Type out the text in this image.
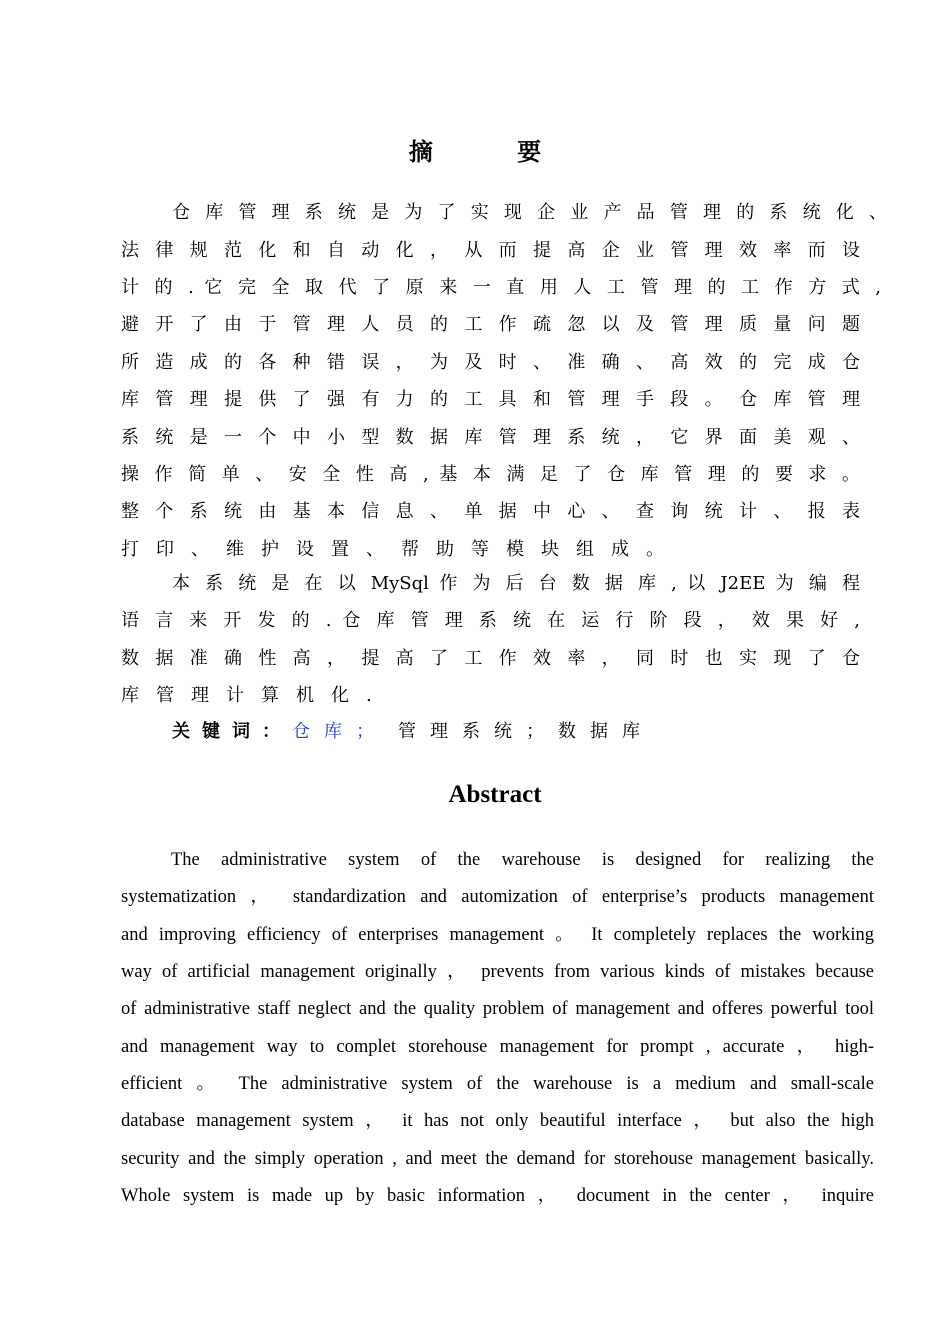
摘 要
仓 库 管 理 系 统 是 为 了 实 现 企 业 产 品 管 理 的 系 统 化 、
法 律 规 范 化 和 自 动 化 ， 从 而 提 高 企 业 管 理 效 率 而 设
计 的 . 它 完 全 取 代 了 原 来 一 直 用 人 工 管 理 的 工 作 方 式 ,
避 开 了 由 于 管 理 人 员 的 工 作 疏 忽 以 及 管 理 质 量 问 题
所 造 成 的 各 种 错 误 ， 为 及 时 、 准 确 、 高 效 的 完 成 仓
库 管 理 提 供 了 强 有 力 的 工 具 和 管 理 手 段 。 仓 库 管 理
系 统 是 一 个 中 小 型 数 据 库 管 理 系 统 ， 它 界 面 美 观 、
操 作 简 单 、 安 全 性 高 , 基 本 满 足 了 仓 库 管 理 的 要 求 。
整 个 系 统 由 基 本 信 息 、 单 据 中 心 、 查 询 统 计 、 报 表
打印、维护设置、帮助等模块组成。
本 系 统 是 在 以 MySql 作 为 后 台 数 据 库 , 以 J2EE 为 编 程
语 言 来 开 发 的 . 仓 库 管 理 系 统 在 运 行 阶 段 ， 效 果 好 ,
数 据 准 确 性 高 ， 提 高 了 工 作 效 率 ， 同 时 也 实 现 了 仓
库管理计算机化.
关键词：仓库； 管理系统；数据库
Abstract
The administrative system of the warehouse is designed for realizing the
systematization ， standardization and automization of enterprise’s products management
and improving efficiency of enterprises management 。 It completely replaces the working
way of artificial management originally ， prevents from various kinds of mistakes because
of administrative staff neglect and the quality problem of management and offeres powerful tool
and management way to complet storehouse management for prompt , accurate ， high-
efficient 。 The administrative system of the warehouse is a medium and small-scale
database management system ， it has not only beautiful interface ， but also the high
security and the simply operation , and meet the demand for storehouse management basically.
Whole system is made up by basic information ， document in the center ， inquire
